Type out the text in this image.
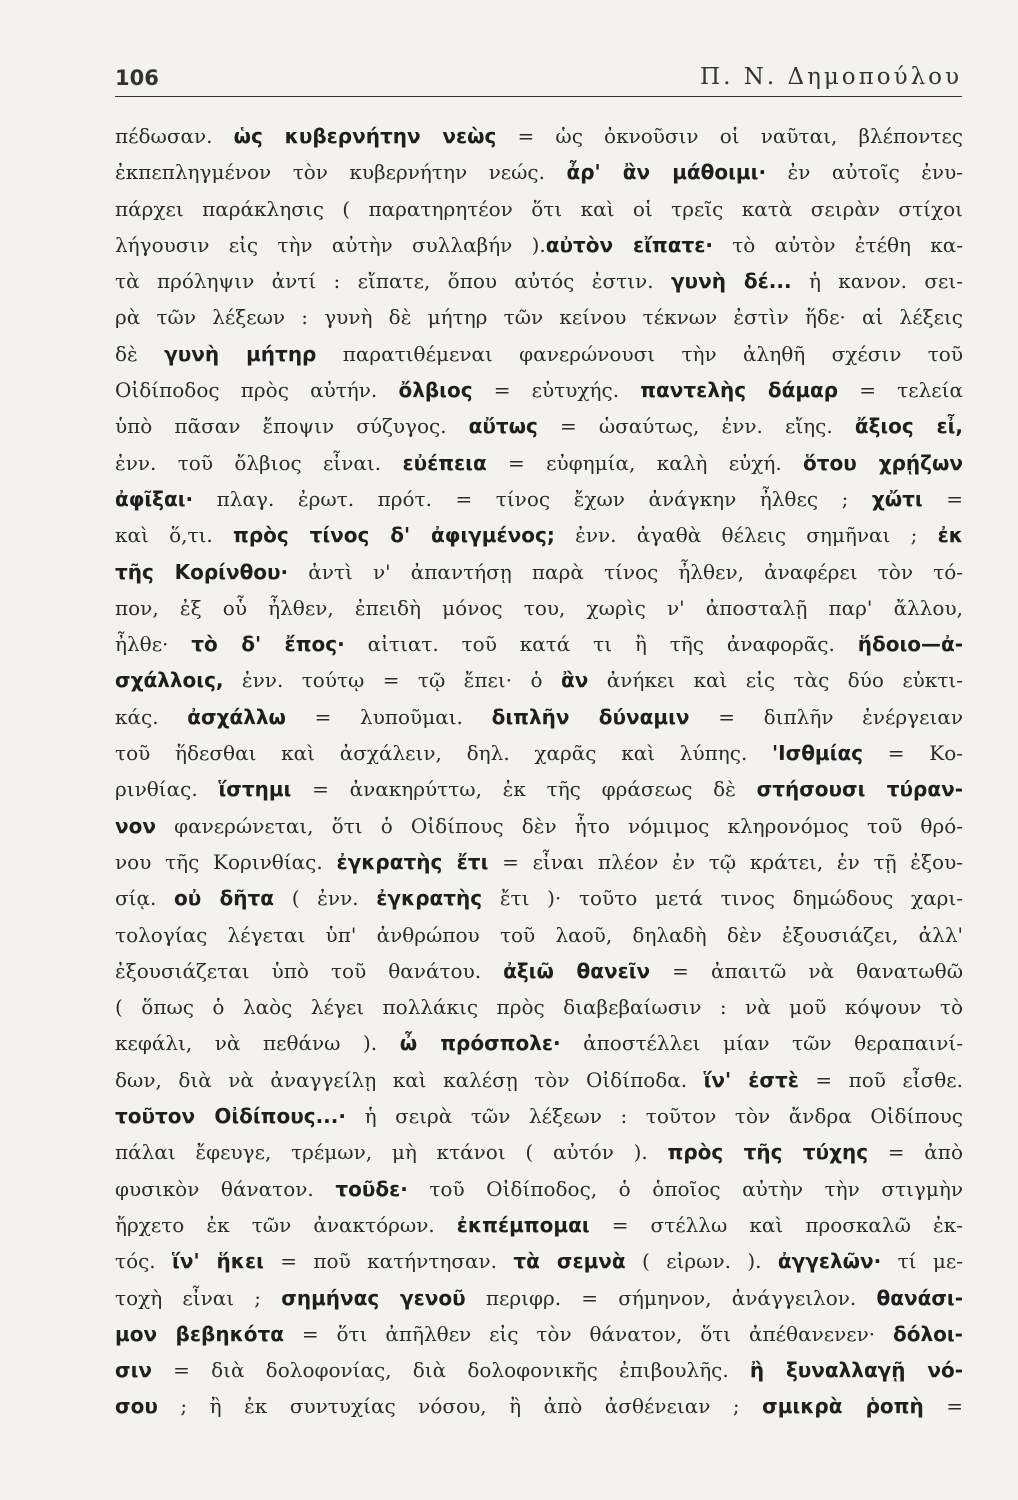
106	Π. Ν. Δημοπούλου
πέδωσαν. ὡς κυβερνήτην νεὼς = ὡς ὀκνοῦσιν οἱ ναῦται, βλέποντες
ἐκπεπληγμένον τὸν κυβερνήτην νεώς. ἆρ' ἂν μάθοιμι· ἐν αὐτοῖς ἐνυ-
πάρχει παράκλησις ( παρατηρητέον ὅτι καὶ οἱ τρεῖς κατὰ σειρὰν στίχοι
λήγουσιν εἰς τὴν αὐτὴν συλλαβήν ).αὐτὸν εἴπατε· τὸ αὐτὸν ἐτέθη κα-
τὰ πρόληψιν ἀντί : εἴπατε, ὅπου αὐτός ἐστιν. γυνὴ δέ... ἡ κανον. σει-
ρὰ τῶν λέξεων : γυνὴ δὲ μήτηρ τῶν κείνου τέκνων ἐστὶν ἥδε· αἱ λέξεις
δὲ γυνὴ μήτηρ παρατιθέμεναι φανερώνουσι τὴν ἀληθῆ σχέσιν τοῦ
Οἰδίποδος πρὸς αὐτήν. ὄλβιος = εὐτυχής. παντελὴς δάμαρ = τελεία
ὑπὸ πᾶσαν ἔποψιν σύζυγος. αὔτως = ὡσαύτως, ἐνν. εἴης. ἄξιος εἶ,
ἐνν. τοῦ ὄλβιος εἶναι. εὐέπεια = εὐφημία, καλὴ εὐχή. ὅτου χρῄζων
ἀφῖξαι· πλαγ. ἐρωτ. πρότ. = τίνος ἔχων ἀνάγκην ἦλθες ; χὤτι =
καὶ ὅ,τι. πρὸς τίνος δ' ἀφιγμένος; ἐνν. ἀγαθὰ θέλεις σημῆναι ; ἐκ
τῆς Κορίνθου· ἀντὶ ν' ἀπαντήσῃ παρὰ τίνος ἦλθεν, ἀναφέρει τὸν τό-
πον, ἐξ οὗ ἦλθεν, ἐπειδὴ μόνος του, χωρὶς ν' ἀποσταλῇ παρ' ἄλλου,
ἦλθε· τὸ δ' ἔπος· αἰτιατ. τοῦ κατά τι ἢ τῆς ἀναφορᾶς. ἥδοιο—ἀ-
σχάλλοις, ἐνν. τούτῳ = τῷ ἔπει· ὁ ἂν ἀνήκει καὶ εἰς τὰς δύο εὐκτι-
κάς. ἀσχάλλω = λυποῦμαι. διπλῆν δύναμιν = διπλῆν ἐνέργειαν
τοῦ ἥδεσθαι καὶ ἀσχάλειν, δηλ. χαρᾶς καὶ λύπης. 'Ισθμίας = Κο-
ρινθίας. ἵστημι = ἀνακηρύττω, ἐκ τῆς φράσεως δὲ στήσουσι τύραν-
νον φανερώνεται, ὅτι ὁ Οἰδίπους δὲν ἦτο νόμιμος κληρονόμος τοῦ θρό-
νου τῆς Κορινθίας. ἐγκρατὴς ἔτι = εἶναι πλέον ἐν τῷ κράτει, ἐν τῇ ἐξου-
σίᾳ. οὐ δῆτα ( ἐνν. ἐγκρατὴς ἔτι )· τοῦτο μετά τινος δημώδους χαρι-
τολογίας λέγεται ὑπ' ἀνθρώπου τοῦ λαοῦ, δηλαδὴ δὲν ἐξουσιάζει, ἀλλ'
ἐξουσιάζεται ὑπὸ τοῦ θανάτου. ἀξιῶ θανεῖν = ἀπαιτῶ νὰ θανατωθῶ
( ὅπως ὁ λαὸς λέγει πολλάκις πρὸς διαβεβαίωσιν : νὰ μοῦ κόψουν τὸ
κεφάλι, νὰ πεθάνω ). ὦ πρόσπολε· ἀποστέλλει μίαν τῶν θεραπαινί-
δων, διὰ νὰ ἀναγγείλῃ καὶ καλέσῃ τὸν Οἰδίποδα. ἵν' ἐστὲ = ποῦ εἶσθε.
τοῦτον Οἰδίπους...· ἡ σειρὰ τῶν λέξεων : τοῦτον τὸν ἄνδρα Οἰδίπους
πάλαι ἔφευγε, τρέμων, μὴ κτάνοι ( αὐτόν ). πρὸς τῆς τύχης = ἀπὸ
φυσικὸν θάνατον. τοῦδε· τοῦ Οἰδίποδος, ὁ ὁποῖος αὐτὴν τὴν στιγμὴν
ἤρχετο ἐκ τῶν ἀνακτόρων. ἐκπέμπομαι = στέλλω καὶ προσκαλῶ ἐκ-
τός. ἵν' ἥκει = ποῦ κατήντησαν. τὰ σεμνὰ ( εἰρων. ). ἀγγελῶν· τί με-
τοχὴ εἶναι ; σημήνας γενοῦ περιφρ. = σήμηνον, ἀνάγγειλον. θανάσι-
μον βεβηκότα = ὅτι ἀπῆλθεν εἰς τὸν θάνατον, ὅτι ἀπέθανενεν· δόλοι-
σιν = διὰ δολοφονίας, διὰ δολοφονικῆς ἐπιβουλῆς. ἢ ξυναλλαγῇ νό-
σου ; ἢ ἐκ συντυχίας νόσου, ἢ ἀπὸ ἀσθένειαν ; σμικρὰ ῥοπὴ =
